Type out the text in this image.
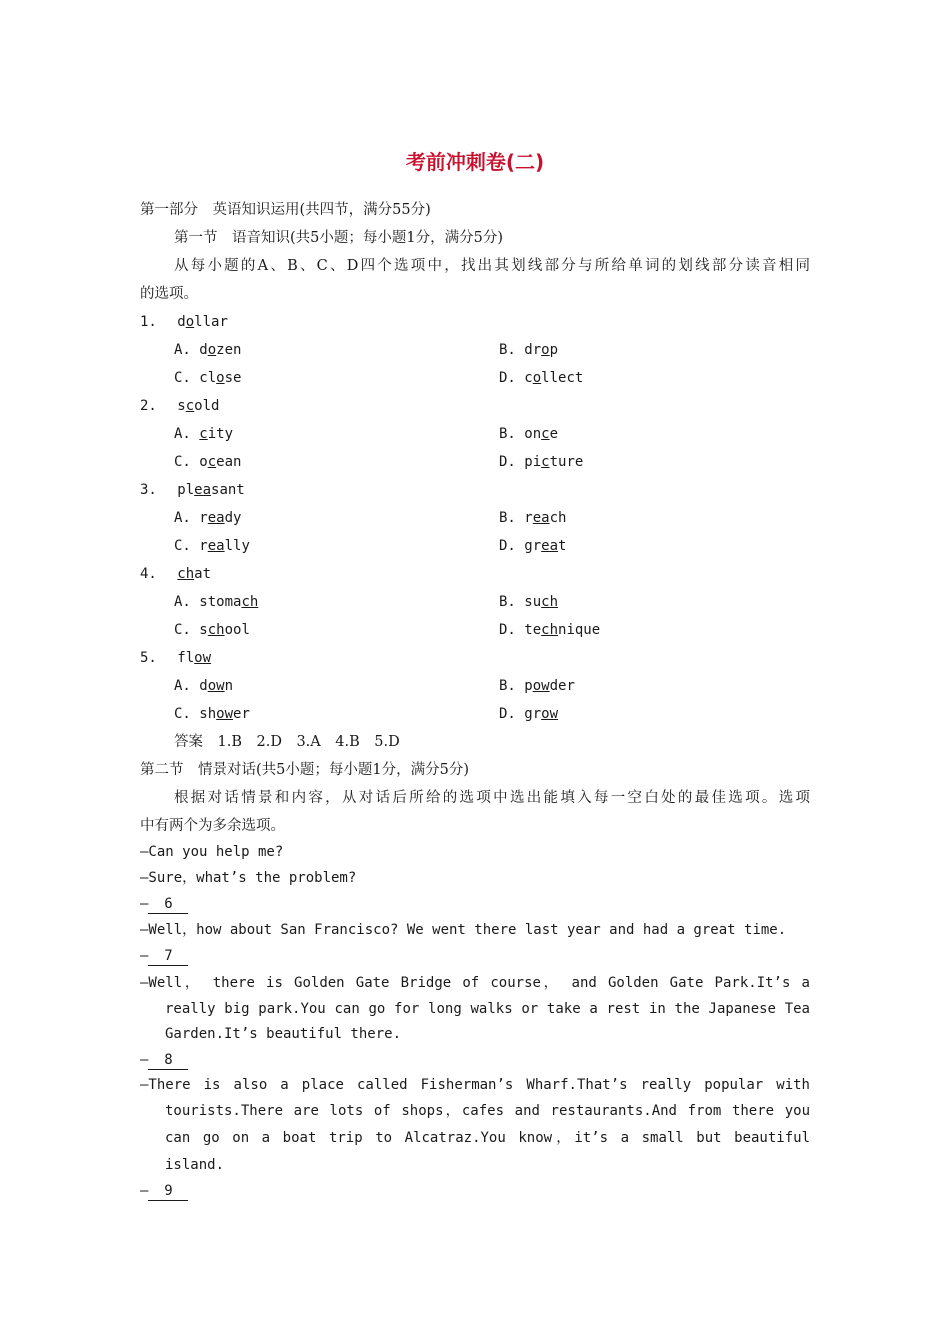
考前冲刺卷(二)
第一部分　英语知识运用(共四节，满分55分)
第一节　语音知识(共5小题；每小题1分，满分5分)
从每小题的A、B、C、D四个选项中，找出其划线部分与所给单词的划线部分读音相同
的选项。
1. dollar
A. dozen	B. drop
C. close	D. collect
2. scold
A. city	B. once
C. ocean	D. picture
3. pleasant
A. ready	B. reach
C. really	D. great
4. chat
A. stomach	B. such
C. school	D. technique
5. flow
A. down	B. powder
C. shower	D. grow
答案　1.B　2.D　3.A　4.B　5.D
第二节　情景对话(共5小题；每小题1分，满分5分)
根据对话情景和内容，从对话后所给的选项中选出能填入每一空白处的最佳选项。选项
中有两个为多余选项。
—Can you help me?
—Sure，what’s the problem?
— 6
—Well，how about San Francisco? We went there last year and had a great time.
— 7
—Well， there is Golden Gate Bridge of course， and Golden Gate Park.It’s a
really big park.You can go for long walks or take a rest in the Japanese Tea
Garden.It’s beautiful there.
— 8
—There is also a place called Fisherman’s Wharf.That’s really popular with
tourists.There are lots of shops，cafes and restaurants.And from there you
can go on a boat trip to Alcatraz.You know，it’s a small but beautiful
island.
— 9
